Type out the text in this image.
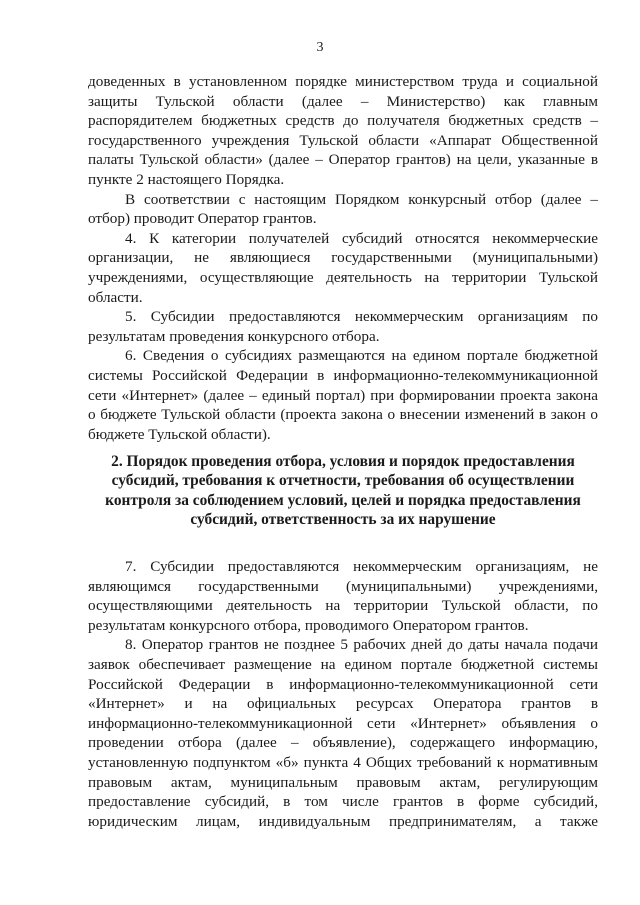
3
доведенных в установленном порядке министерством труда и социальной
защиты Тульской области (далее – Министерство) как главным
распорядителем бюджетных средств до получателя бюджетных средств –
государственного учреждения Тульской области «Аппарат Общественной
палаты Тульской области» (далее – Оператор грантов) на цели, указанные в
пункте 2 настоящего Порядка.
В соответствии с настоящим Порядком конкурсный отбор (далее –
отбор) проводит Оператор грантов.
4. К категории получателей субсидий относятся некоммерческие
организации, не являющиеся государственными (муниципальными)
учреждениями, осуществляющие деятельность на территории Тульской
области.
5. Субсидии предоставляются некоммерческим организациям по
результатам проведения конкурсного отбора.
6. Сведения о субсидиях размещаются на едином портале бюджетной
системы Российской Федерации в информационно-телекоммуникационной
сети «Интернет» (далее – единый портал) при формировании проекта закона
о бюджете Тульской области (проекта закона о внесении изменений в закон о
бюджете Тульской области).
2. Порядок проведения отбора, условия и порядок предоставления
субсидий, требования к отчетности, требования об осуществлении
контроля за соблюдением условий, целей и порядка предоставления
субсидий, ответственность за их нарушение
7. Субсидии предоставляются некоммерческим организациям, не
являющимся государственными (муниципальными) учреждениями,
осуществляющими деятельность на территории Тульской области, по
результатам конкурсного отбора, проводимого Оператором грантов.
8. Оператор грантов не позднее 5 рабочих дней до даты начала подачи
заявок обеспечивает размещение на едином портале бюджетной системы
Российской Федерации в информационно-телекоммуникационной сети
«Интернет» и на официальных ресурсах Оператора грантов в
информационно-телекоммуникационной сети «Интернет» объявления о
проведении отбора (далее – объявление), содержащего информацию,
установленную подпунктом «б» пункта 4 Общих требований к нормативным
правовым актам, муниципальным правовым актам, регулирующим
предоставление субсидий, в том числе грантов в форме субсидий,
юридическим лицам, индивидуальным предпринимателям, а также
